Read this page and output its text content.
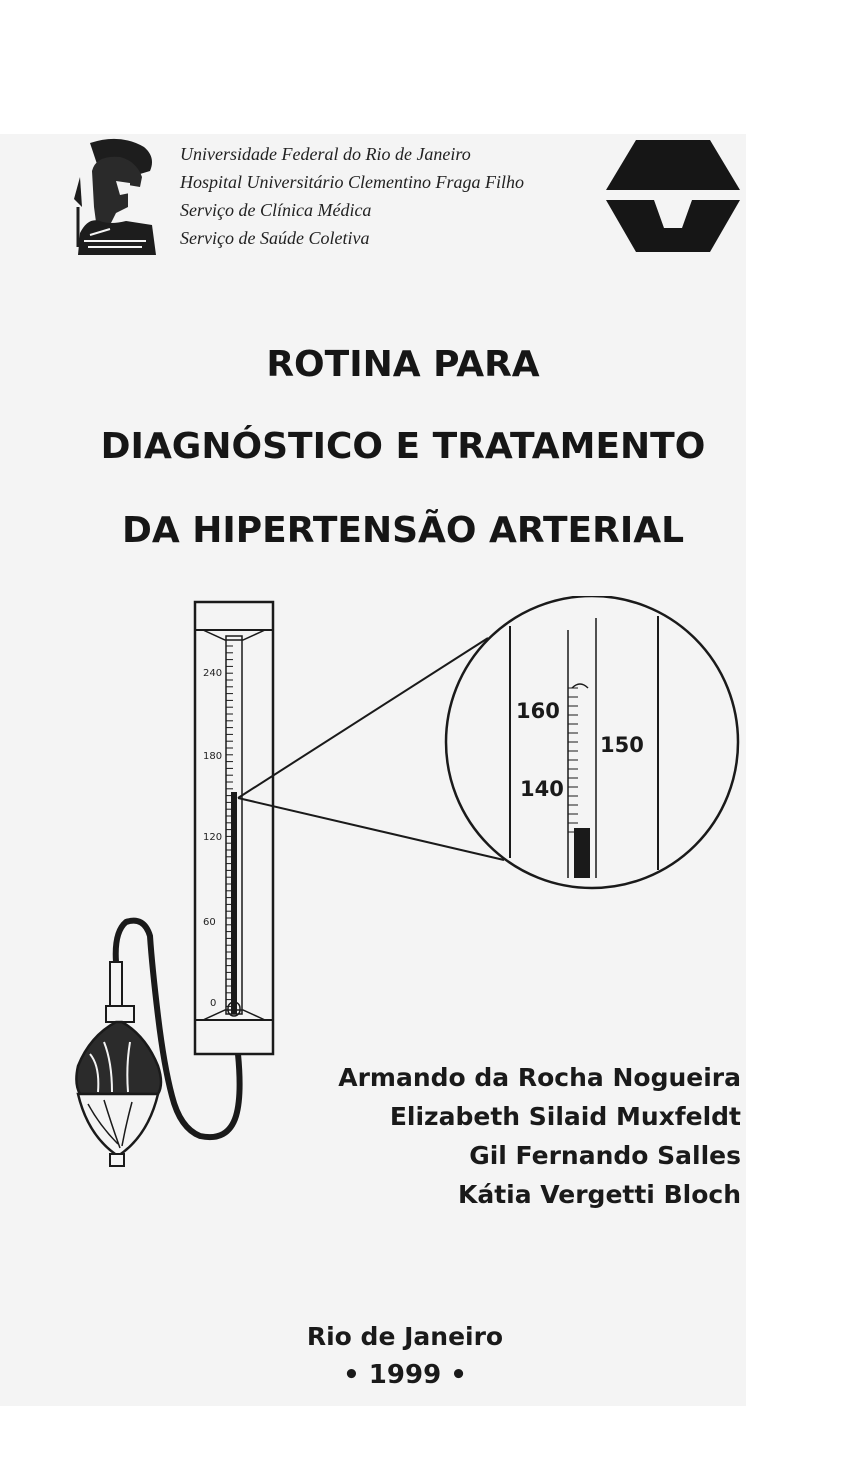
Universidade Federal do Rio de Janeiro
Hospital Universitário Clementino Fraga Filho
Serviço de Clínica Médica
Serviço de Saúde Coletiva
ROTINA PARA
DIAGNÓSTICO E TRATAMENTO
DA HIPERTENSÃO ARTERIAL
240
180
120
60
0
160
150
140
Armando da Rocha Nogueira
Elizabeth Silaid Muxfeldt
Gil Fernando Salles
Kátia Vergetti Bloch
Rio de Janeiro
• 1999 •
